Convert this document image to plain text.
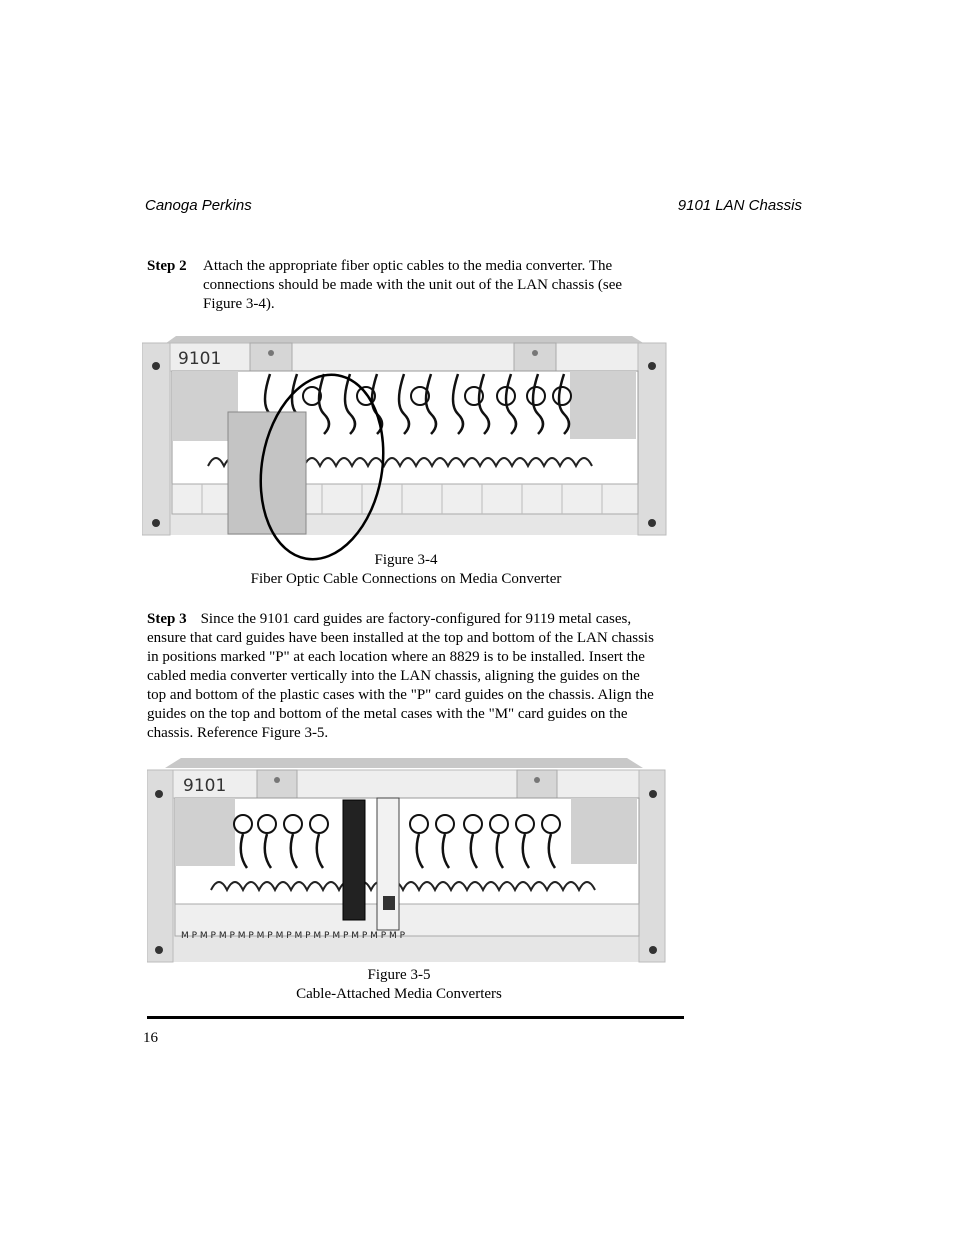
Canoga Perkins	9101 LAN Chassis
Step 2 Attach the appropriate fiber optic cables to the media converter. The connections should be made with the unit out of the LAN chassis (see Figure 3-4).
9101
Figure 3-4
Fiber Optic Cable Connections on Media Converter
Step 3 Since the 9101 card guides are factory-configured for 9119 metal cases, ensure that card guides have been installed at the top and bottom of the LAN chassis in positions marked "P" at each location where an 8829 is to be installed. Insert the cabled media converter vertically into the LAN chassis, aligning the guides on the top and bottom of the plastic cases with the "P" card guides on the chassis. Align the guides on the top and bottom of the metal cases with the "M" card guides on the chassis. Reference Figure 3-5.
9101
M P M P M P M P M P M P M P M P M P M P M P M P
Figure 3-5
Cable-Attached Media Converters
16
